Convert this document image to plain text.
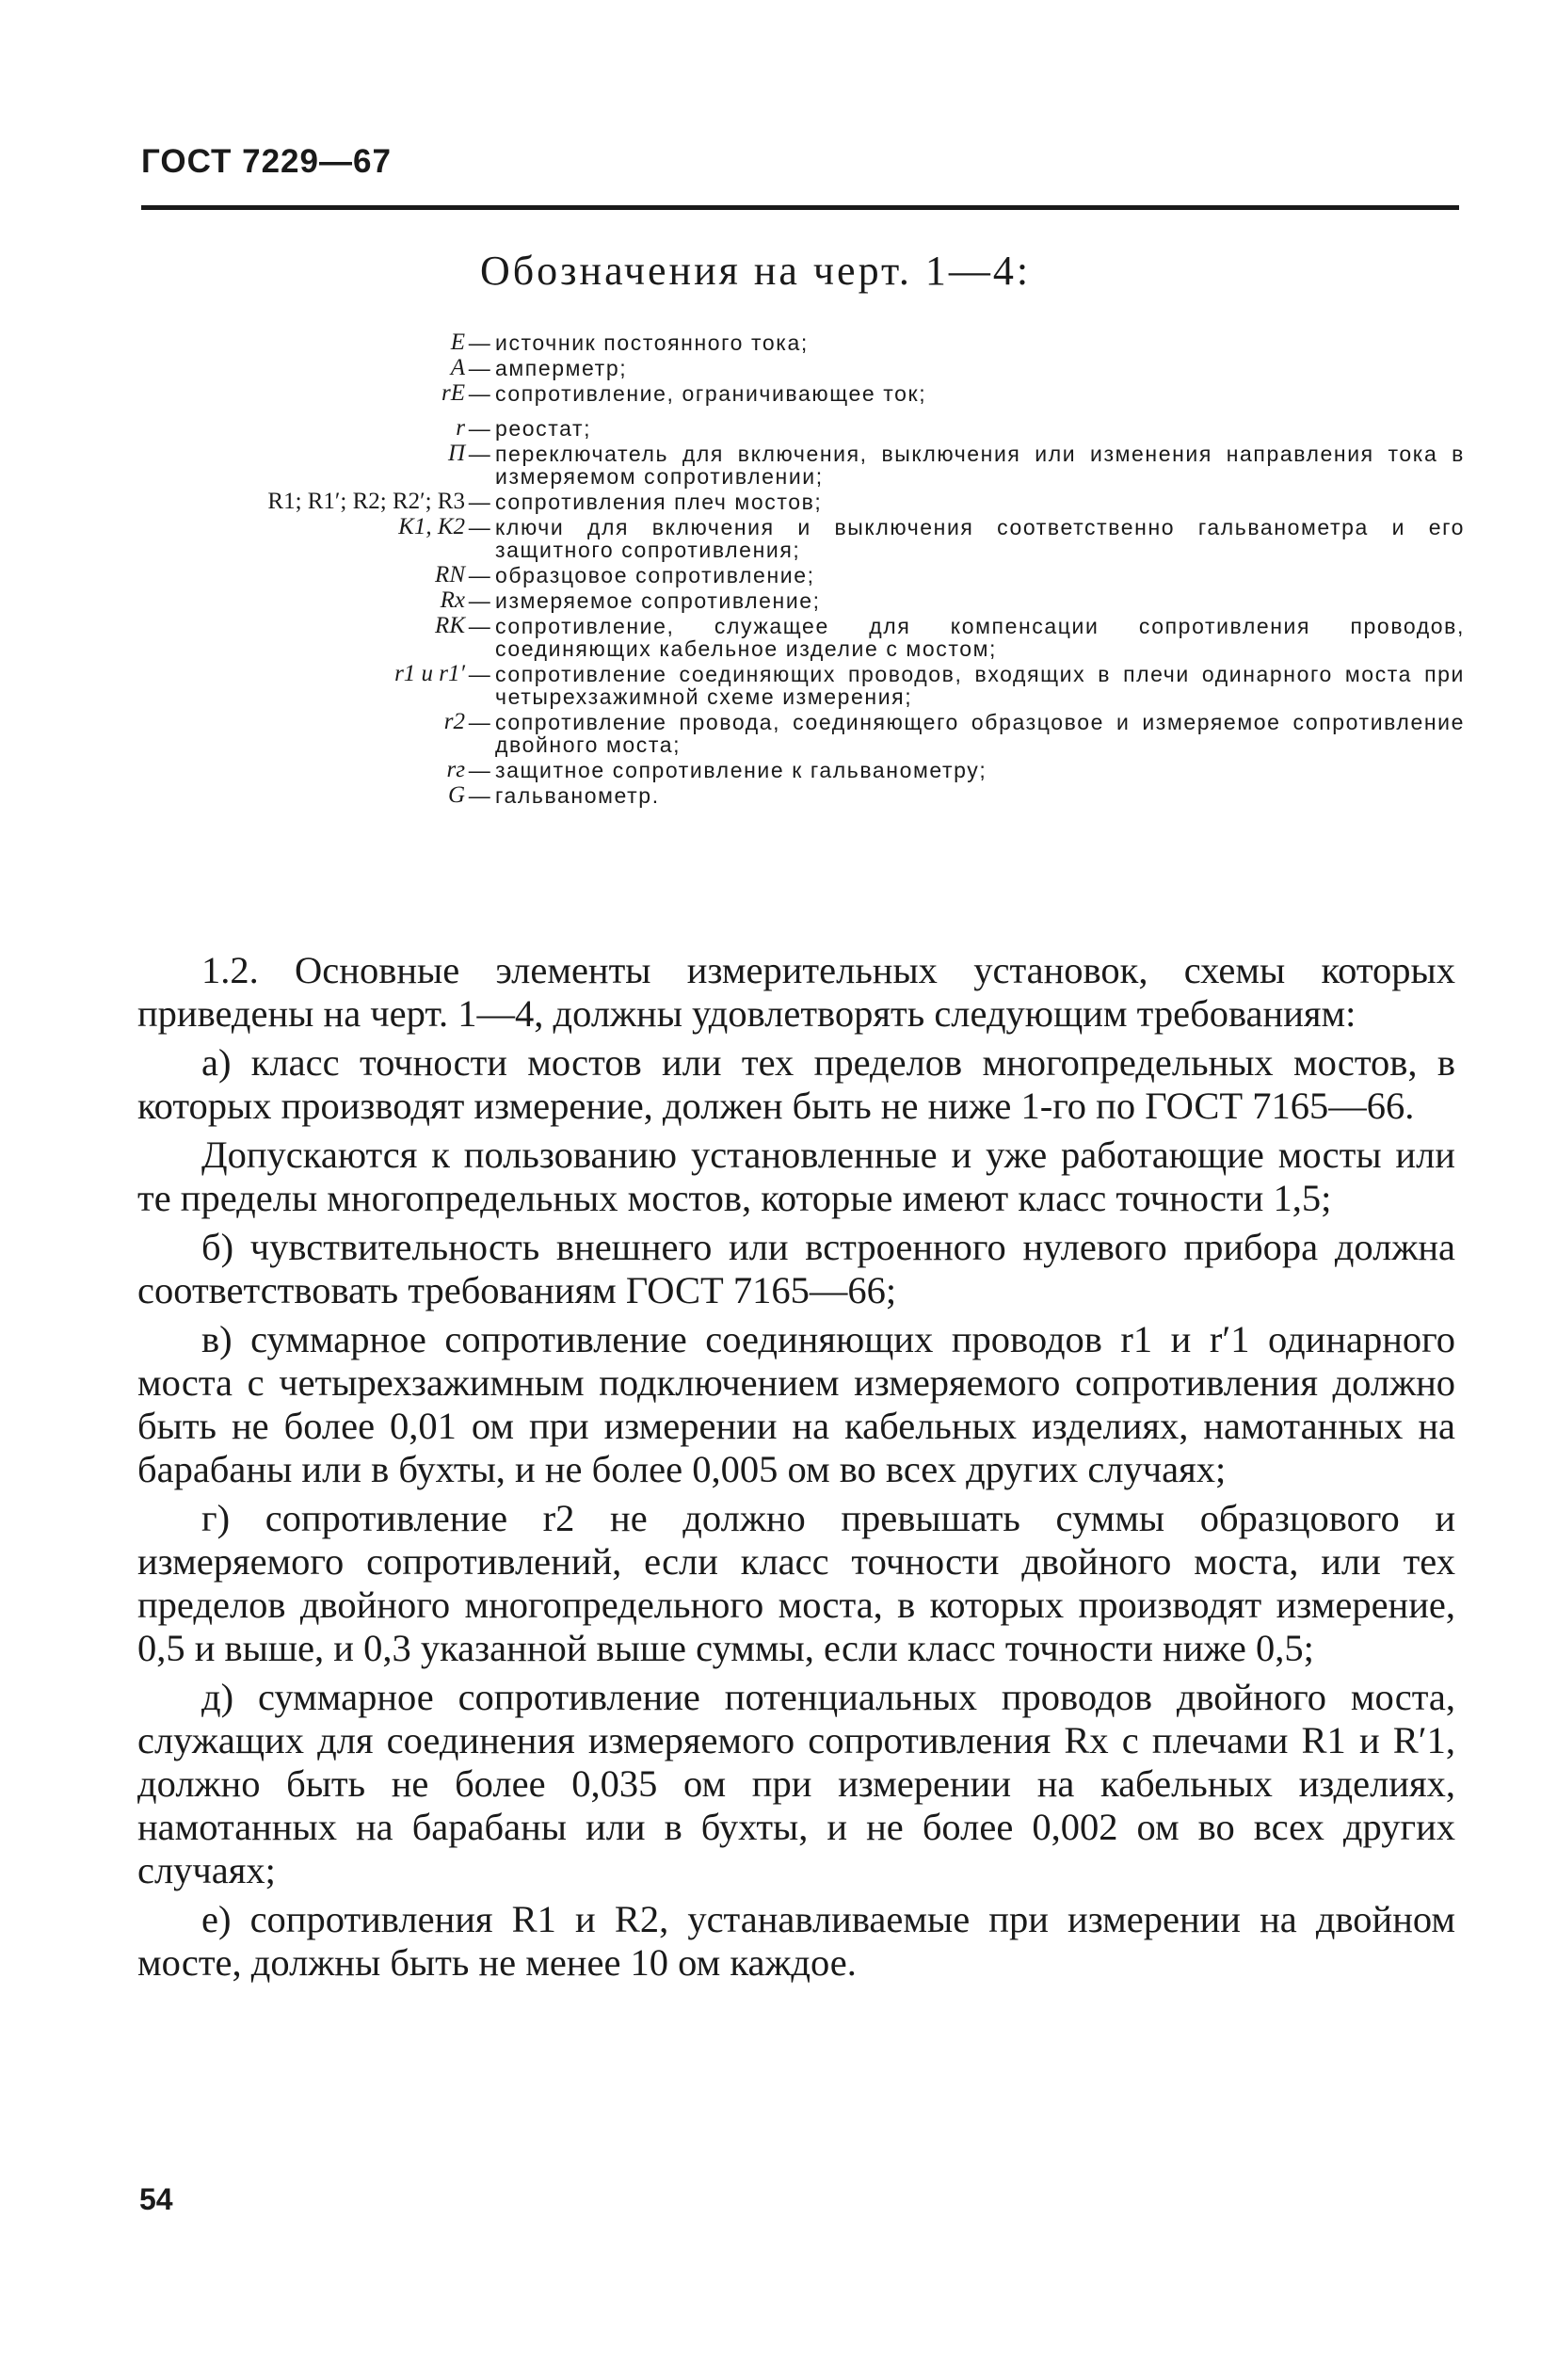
ГОСТ 7229—67
Обозначения на черт. 1—4:
E — источник постоянного тока;
A — амперметр;
rE — сопротивление, ограничивающее ток;
r — реостат;
П — переключатель для включения, выключения или изменения направления тока в измеряемом сопротивлении;
R1; R1′; R2; R2′; R3 — сопротивления плеч мостов;
K1, K2 — ключи для включения и выключения соответственно гальванометра и его защитного сопротивления;
RN — образцовое сопротивление;
Rx — измеряемое сопротивление;
RK — сопротивление, служащее для компенсации сопротивления проводов, соединяющих кабельное изделие с мостом;
r1 и r1′ — сопротивление соединяющих проводов, входящих в плечи одинарного моста при четырехзажимной схеме измерения;
r2 — сопротивление провода, соединяющего образцовое и измеряемое сопротивление двойного моста;
rг — защитное сопротивление к гальванометру;
G — гальванометр.

1.2. Основные элементы измерительных установок, схемы которых приведены на черт. 1—4, должны удовлетворять следующим требованиям:

а) класс точности мостов или тех пределов многопредельных мостов, в которых производят измерение, должен быть не ниже 1-го по ГОСТ 7165—66.

Допускаются к пользованию установленные и уже работающие мосты или те пределы многопредельных мостов, которые имеют класс точности 1,5;

б) чувствительность внешнего или встроенного нулевого прибора должна соответствовать требованиям ГОСТ 7165—66;

в) суммарное сопротивление соединяющих проводов r1 и r′1 одинарного моста с четырехзажимным подключением измеряемого сопротивления должно быть не более 0,01 ом при измерении на кабельных изделиях, намотанных на барабаны или в бухты, и не более 0,005 ом во всех других случаях;

г) сопротивление r2 не должно превышать суммы образцового и измеряемого сопротивлений, если класс точности двойного моста, или тех пределов двойного многопредельного моста, в которых производят измерение, 0,5 и выше, и 0,3 указанной выше суммы, если класс точности ниже 0,5;

д) суммарное сопротивление потенциальных проводов двойного моста, служащих для соединения измеряемого сопротивления Rx с плечами R1 и R′1, должно быть не более 0,035 ом при измерении на кабельных изделиях, намотанных на барабаны или в бухты, и не более 0,002 ом во всех других случаях;

е) сопротивления R1 и R2, устанавливаемые при измерении на двойном мосте, должны быть не менее 10 ом каждое.

54
